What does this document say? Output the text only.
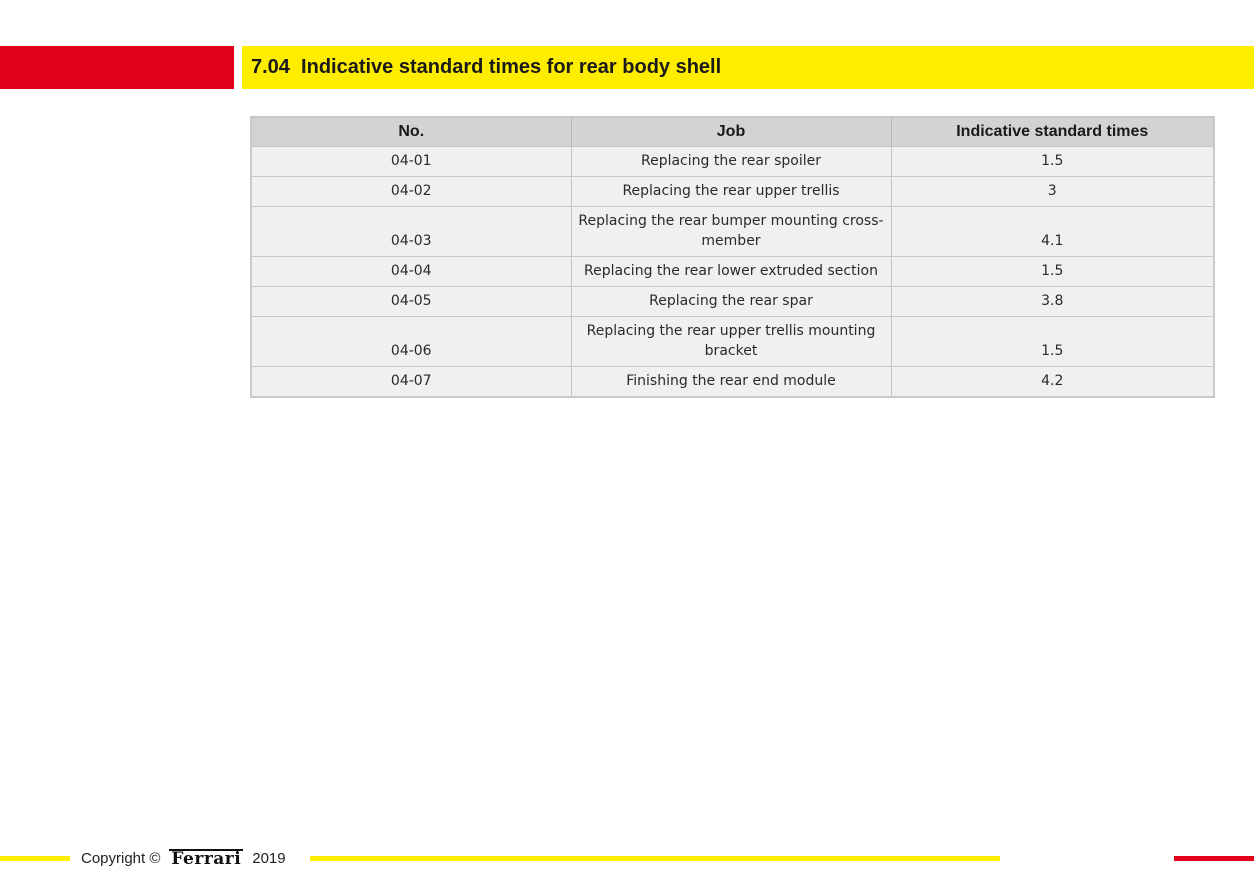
7.04  Indicative standard times for rear body shell
No.	Job	Indicative standard times
04-01	Replacing the rear spoiler	1.5
04-02	Replacing the rear upper trellis	3
04-03	Replacing the rear bumper mounting cross-member	4.1
04-04	Replacing the rear lower extruded section	1.5
04-05	Replacing the rear spar	3.8
04-06	Replacing the rear upper trellis mounting bracket	1.5
04-07	Finishing the rear end module	4.2
Copyright © Ferrari 2019
